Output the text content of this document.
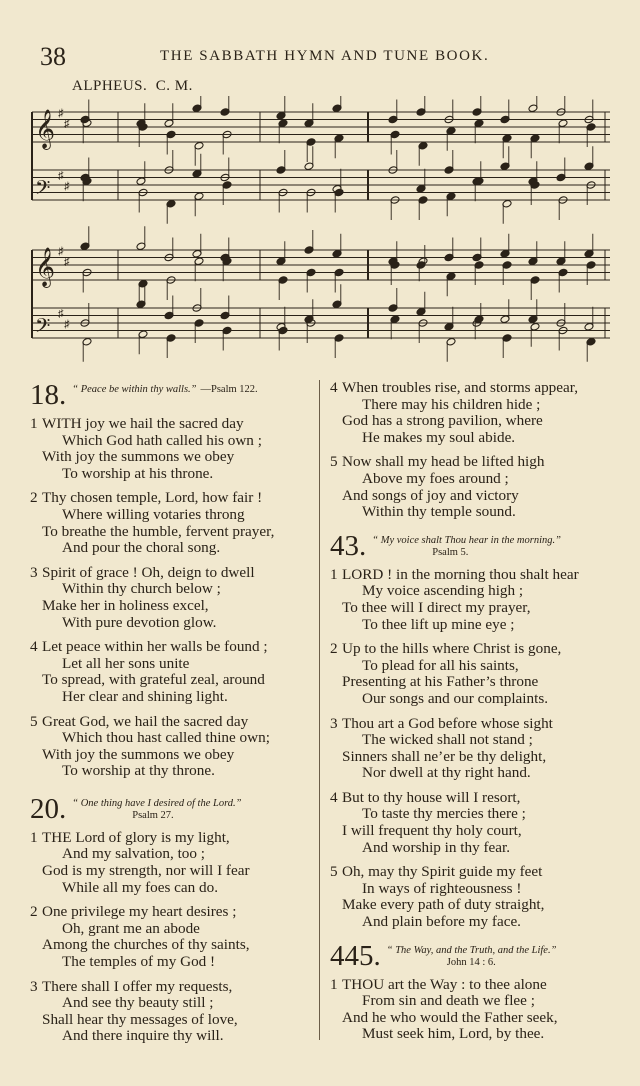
38	THE SABBATH HYMN AND TUNE BOOK.
ALPHEUS. C. M.
𝄞 ♯
♯
𝄢 ♯
♯
𝄞 ♯
♯
𝄢 ♯
♯
18. “ Peace be within thy walls.” —Psalm 122.
1 WITH joy we hail the sacred day
Which God hath called his own ;
With joy the summons we obey
To worship at his throne.
2 Thy chosen temple, Lord, how fair !
Where willing votaries throng
To breathe the humble, fervent prayer,
And pour the choral song.
3 Spirit of grace ! Oh, deign to dwell
Within thy church below ;
Make her in holiness excel,
With pure devotion glow.
4 Let peace within her walls be found ;
Let all her sons unite
To spread, with grateful zeal, around
Her clear and shining light.
5 Great God, we hail the sacred day
Which thou hast called thine own;
With joy the summons we obey
To worship at thy throne.
20. “ One thing have I desired of the Lord.”
Psalm 27.
1 THE Lord of glory is my light,
And my salvation, too ;
God is my strength, nor will I fear
While all my foes can do.
2 One privilege my heart desires ;
Oh, grant me an abode
Among the churches of thy saints,
The temples of my God !
3 There shall I offer my requests,
And see thy beauty still ;
Shall hear thy messages of love,
And there inquire thy will.
4 When troubles rise, and storms appear,
There may his children hide ;
God has a strong pavilion, where
He makes my soul abide.
5 Now shall my head be lifted high
Above my foes around ;
And songs of joy and victory
Within thy temple sound.
43. “ My voice shalt Thou hear in the morning.”
Psalm 5.
1 LORD ! in the morning thou shalt hear
My voice ascending high ;
To thee will I direct my prayer,
To thee lift up mine eye ;
2 Up to the hills where Christ is gone,
To plead for all his saints,
Presenting at his Father’s throne
Our songs and our complaints.
3 Thou art a God before whose sight
The wicked shall not stand ;
Sinners shall ne’er be thy delight,
Nor dwell at thy right hand.
4 But to thy house will I resort,
To taste thy mercies there ;
I will frequent thy holy court,
And worship in thy fear.
5 Oh, may thy Spirit guide my feet
In ways of righteousness !
Make every path of duty straight,
And plain before my face.
445. “ The Way, and the Truth, and the Life.”
John 14 : 6.
1 THOU art the Way : to thee alone
From sin and death we flee ;
And he who would the Father seek,
Must seek him, Lord, by thee.
